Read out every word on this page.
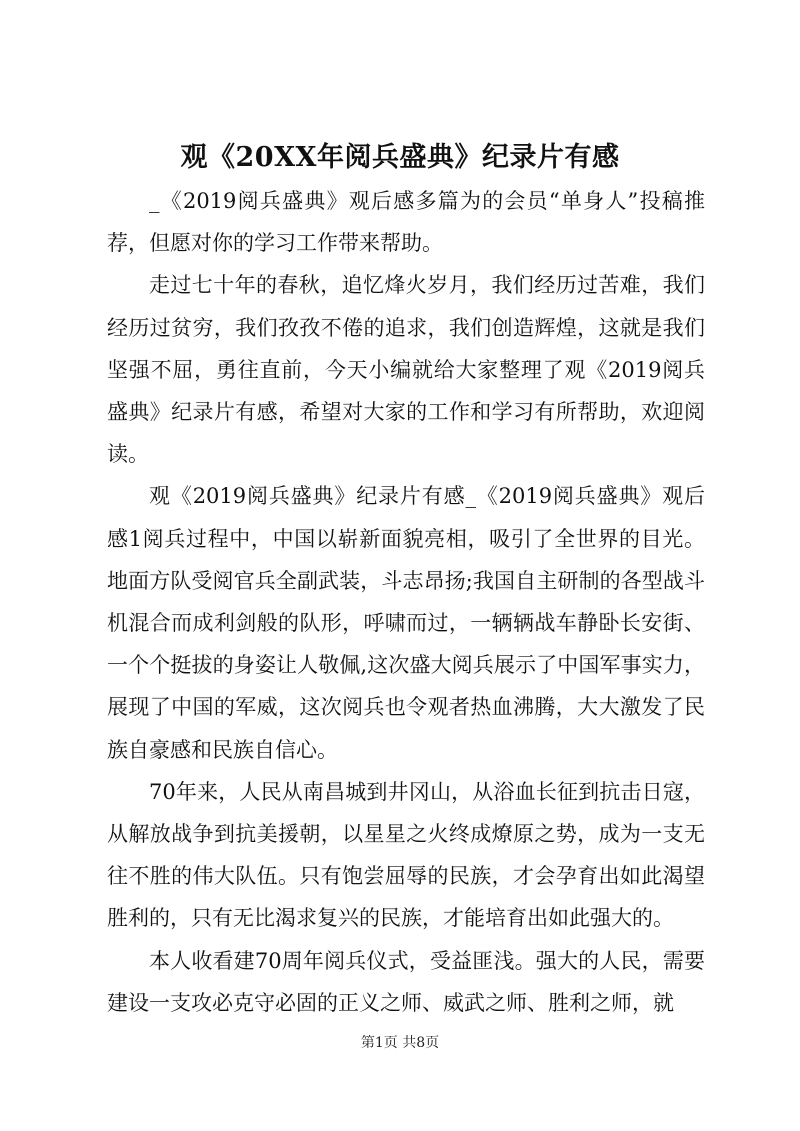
观《20XX年阅兵盛典》纪录片有感

_《2019阅兵盛典》观后感多篇为的会员“单身人”投稿推荐，但愿对你的学习工作带来帮助。

走过七十年的春秋，追忆烽火岁月，我们经历过苦难，我们经历过贫穷，我们孜孜不倦的追求，我们创造辉煌，这就是我们坚强不屈，勇往直前，今天小编就给大家整理了观《2019阅兵盛典》纪录片有感，希望对大家的工作和学习有所帮助，欢迎阅读。

观《2019阅兵盛典》纪录片有感_《2019阅兵盛典》观后感1阅兵过程中，中国以崭新面貌亮相，吸引了全世界的目光。地面方队受阅官兵全副武装，斗志昂扬;我国自主研制的各型战斗机混合而成利剑般的队形，呼啸而过，一辆辆战车静卧长安街、一个个挺拔的身姿让人敬佩,这次盛大阅兵展示了中国军事实力，展现了中国的军威，这次阅兵也令观者热血沸腾，大大激发了民族自豪感和民族自信心。

70年来，人民从南昌城到井冈山，从浴血长征到抗击日寇，从解放战争到抗美援朝，以星星之火终成燎原之势，成为一支无往不胜的伟大队伍。只有饱尝屈辱的民族，才会孕育出如此渴望胜利的，只有无比渴求复兴的民族，才能培育出如此强大的。

本人收看建70周年阅兵仪式，受益匪浅。强大的人民，需要建设一支攻必克守必固的正义之师、威武之师、胜利之师，就

第1页 共8页
